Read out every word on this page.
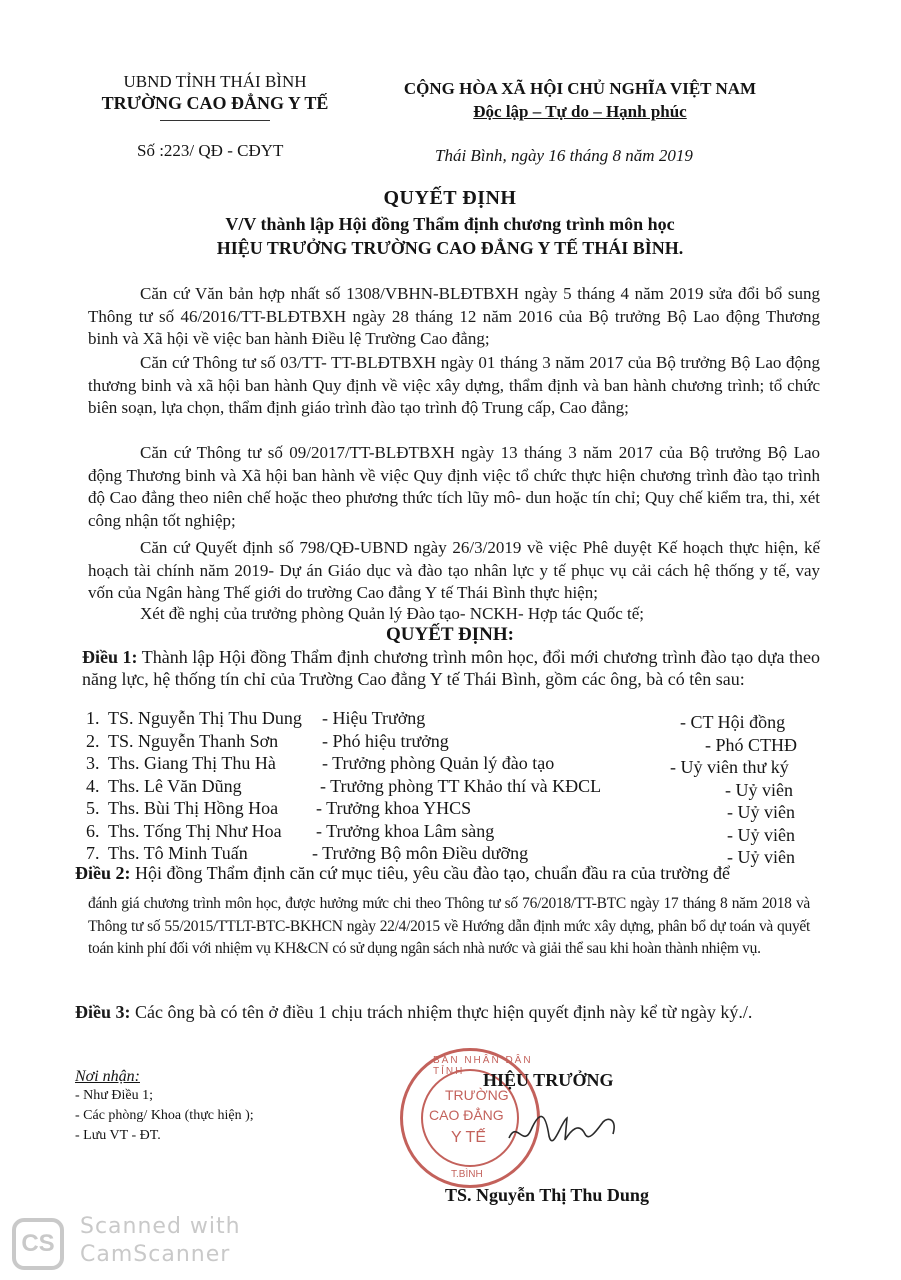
UBND TỈNH THÁI BÌNH
TRƯỜNG CAO ĐẲNG Y TẾ
Số :223/ QĐ - CĐYT
CỘNG HÒA XÃ HỘI CHỦ NGHĨA VIỆT NAM
Độc lập – Tự do – Hạnh phúc
Thái Bình, ngày 16 tháng 8 năm 2019
QUYẾT ĐỊNH
V/V thành lập Hội đồng Thẩm định chương trình môn học
HIỆU TRƯỞNG TRƯỜNG CAO ĐẲNG Y TẾ THÁI BÌNH.
Căn cứ Văn bản hợp nhất số 1308/VBHN-BLĐTBXH ngày 5 tháng 4 năm 2019 sửa đổi bổ sung Thông tư số 46/2016/TT-BLĐTBXH ngày 28 tháng 12 năm 2016 của Bộ trưởng Bộ Lao động Thương binh và Xã hội về việc ban hành Điều lệ Trường Cao đẳng;
Căn cứ Thông tư số 03/TT- TT-BLĐTBXH ngày 01 tháng 3 năm 2017 của Bộ trưởng Bộ Lao động thương binh và xã hội ban hành Quy định về việc xây dựng, thẩm định và ban hành chương trình; tổ chức biên soạn, lựa chọn, thẩm định giáo trình đào tạo trình độ Trung cấp, Cao đẳng;
Căn cứ Thông tư số 09/2017/TT-BLĐTBXH ngày 13 tháng 3 năm 2017 của Bộ trưởng Bộ Lao động Thương binh và Xã hội ban hành về việc Quy định việc tổ chức thực hiện chương trình đào tạo trình độ Cao đẳng theo niên chế hoặc theo phương thức tích lũy mô- dun hoặc tín chỉ; Quy chế kiểm tra, thi, xét công nhận tốt nghiệp;
Căn cứ Quyết định số 798/QĐ-UBND ngày 26/3/2019 về việc Phê duyệt Kế hoạch thực hiện, kế hoạch tài chính năm 2019- Dự án Giáo dục và đào tạo nhân lực y tế phục vụ cải cách hệ thống y tế, vay vốn của Ngân hàng Thế giới do trường Cao đẳng Y tế Thái Bình thực hiện;
Xét đề nghị của trưởng phòng Quản lý Đào tạo- NCKH- Hợp tác Quốc tế;
QUYẾT ĐỊNH:
Điều 1: Thành lập Hội đồng Thẩm định chương trình môn học, đổi mới chương trình đào tạo dựa theo năng lực, hệ thống tín chỉ của Trường Cao đẳng Y tế Thái Bình, gồm các ông, bà có tên sau:
1. TS. Nguyễn Thị Thu Dung - Hiệu Trưởng	- CT Hội đồng
2. TS. Nguyễn Thanh Sơn - Phó hiệu trưởng	- Phó CTHĐ
3. Ths. Giang Thị Thu Hà	- Trưởng phòng Quản lý đào tạo	- Uỷ viên thư ký
4. Ths. Lê Văn Dũng	- Trưởng phòng TT Khảo thí và KĐCL	- Uỷ viên
5. Ths. Bùi Thị Hồng Hoa - Trưởng khoa YHCS	- Uỷ viên
6. Ths. Tống Thị Như Hoa - Trưởng khoa Lâm sàng	- Uỷ viên
7. Ths. Tô Minh Tuấn	- Trưởng Bộ môn Điều dưỡng	- Uỷ viên
Điều 2: Hội đồng Thẩm định căn cứ mục tiêu, yêu cầu đào tạo, chuẩn đầu ra của trường để
đánh giá chương trình môn học, được hưởng mức chi theo Thông tư số 76/2018/TT-BTC ngày 17 tháng 8 năm 2018 và Thông tư số 55/2015/TTLT-BTC-BKHCN ngày 22/4/2015 về Hướng dẫn định mức xây dựng, phân bổ dự toán và quyết toán kinh phí đối với nhiệm vụ KH&CN có sử dụng ngân sách nhà nước và giải thể sau khi hoàn thành nhiệm vụ.
Điều 3: Các ông bà có tên ở điều 1 chịu trách nhiệm thực hiện quyết định này kể từ ngày ký./.
Nơi nhận:
- Như Điều 1;
- Các phòng/ Khoa (thực hiện );
- Lưu VT - ĐT.
BAN NHÂN DÂN TỈNH
TRƯỜNG
CAO ĐẲNG
Y TẾ
T.BÌNH
HIỆU TRƯỞNG
TS. Nguyễn Thị Thu Dung
CS
Scanned with
CamScanner
